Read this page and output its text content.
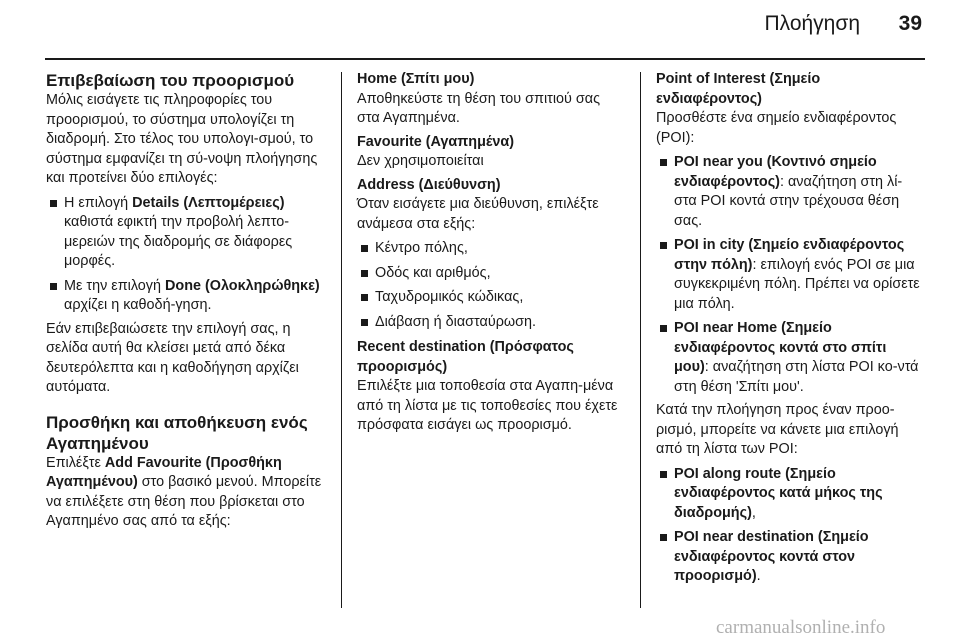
Πλοήγηση	39
Επιβεβαίωση του προορισμού

Μόλις εισάγετε τις πληροφορίες του προορισμού, το σύστημα υπολογίζει τη διαδρομή. Στο τέλος του υπολογι-σμού, το σύστημα εμφανίζει τη σύ-νοψη πλοήγησης και προτείνει δύο επιλογές:

Η επιλογή Details (Λεπτομέρειες) καθιστά εφικτή την προβολή λεπτο-μερειών της διαδρομής σε διάφορες μορφές.
Με την επιλογή Done (Ολοκληρώθηκε) αρχίζει η καθοδή-γηση.

Εάν επιβεβαιώσετε την επιλογή σας, η σελίδα αυτή θα κλείσει μετά από δέκα δευτερόλεπτα και η καθοδήγηση αρχίζει αυτόματα.

Προσθήκη και αποθήκευση ενός Αγαπημένου

Επιλέξτε Add Favourite (Προσθήκη Αγαπημένου) στο βασικό μενού. Μπορείτε να επιλέξετε στη θέση που βρίσκεται στο Αγαπημένο σας από τα εξής:

Home (Σπίτι μου)

Αποθηκεύστε τη θέση του σπιτιού σας στα Αγαπημένα.

Favourite (Αγαπημένα)

Δεν χρησιμοποιείται

Address (Διεύθυνση)

Όταν εισάγετε μια διεύθυνση, επιλέξτε ανάμεσα στα εξής:

Κέντρο πόλης,
Οδός και αριθμός,
Ταχυδρομικός κώδικας,
Διάβαση ή διασταύρωση.
Recent destination (Πρόσφατος προορισμός)

Επιλέξτε μια τοποθεσία στα Αγαπη-μένα από τη λίστα με τις τοποθεσίες που έχετε πρόσφατα εισάγει ως προορισμό.

Point of Interest (Σημείο ενδιαφέροντος)

Προσθέστε ένα σημείο ενδιαφέροντος (POI):

POI near you (Κοντινό σημείο ενδιαφέροντος): αναζήτηση στη λί-στα POI κοντά στην τρέχουσα θέση σας.
POI in city (Σημείο ενδιαφέροντος στην πόλη): επιλογή ενός POI σε μια συγκεκριμένη πόλη. Πρέπει να ορίσετε μια πόλη.
POI near Home (Σημείο ενδιαφέροντος κοντά στο σπίτι μου): αναζήτηση στη λίστα POI κο-ντά στη θέση 'Σπίτι μου'.

Κατά την πλοήγηση προς έναν προο-ρισμό, μπορείτε να κάνετε μια επιλογή από τη λίστα των POI:

POI along route (Σημείο ενδιαφέροντος κατά μήκος της διαδρομής),
POI near destination (Σημείο ενδιαφέροντος κοντά στον προορισμό).
carmanualsonline.info
